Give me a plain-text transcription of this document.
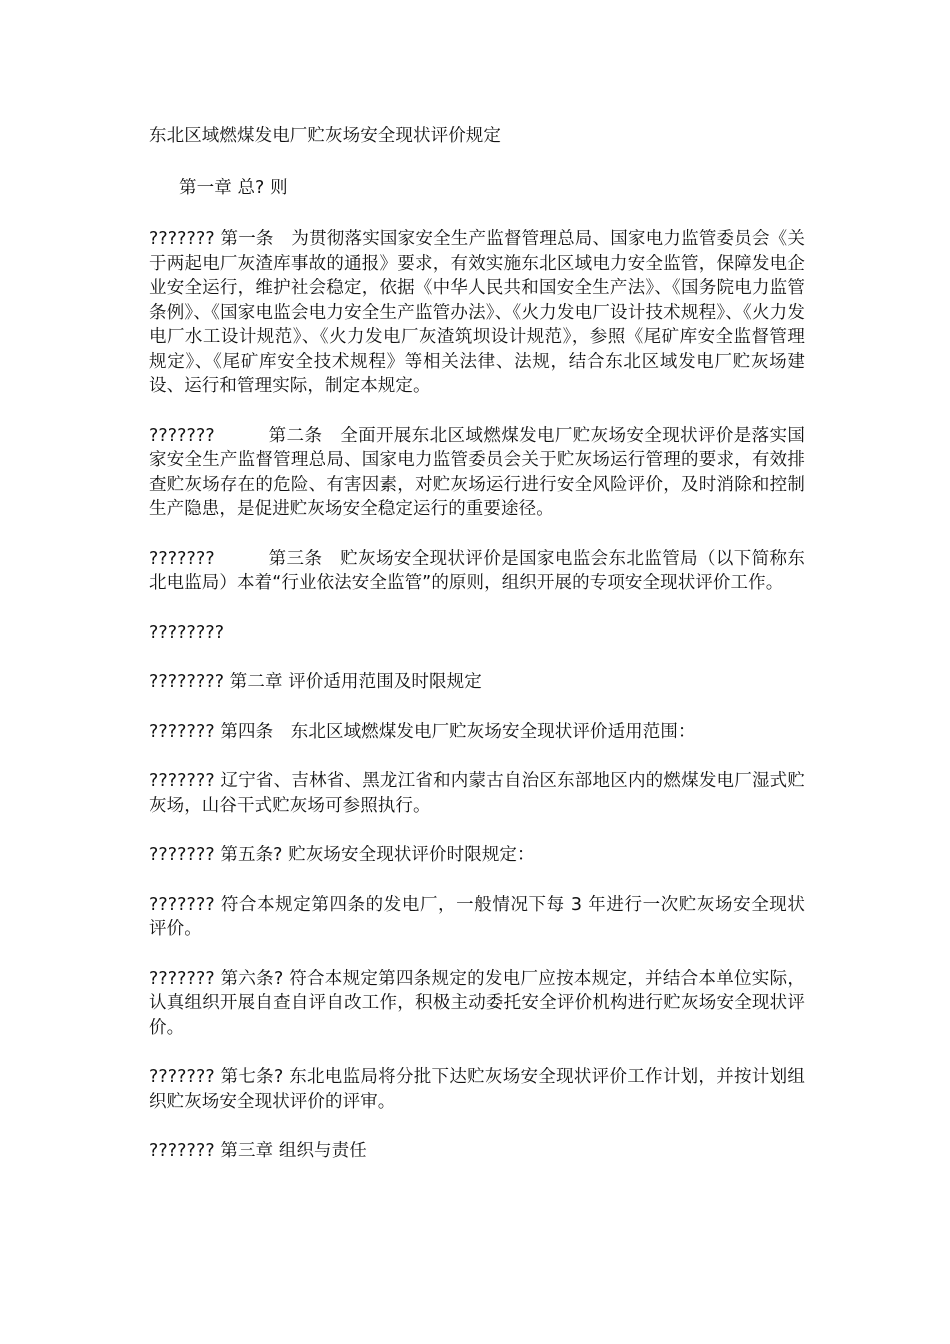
东北区域燃煤发电厂贮灰场安全现状评价规定
第一章 总? 则
??????? 第一条　为贯彻落实国家安全生产监督管理总局、国家电力监管委员会《关于两起电厂灰渣库事故的通报》要求，有效实施东北区域电力安全监管，保障发电企业安全运行，维护社会稳定，依据《中华人民共和国安全生产法》、《国务院电力监管条例》、《国家电监会电力安全生产监管办法》、《火力发电厂设计技术规程》、《火力发电厂水工设计规范》、《火力发电厂灰渣筑坝设计规范》，参照《尾矿库安全监督管理规定》、《尾矿库安全技术规程》等相关法律、法规，结合东北区域发电厂贮灰场建设、运行和管理实际，制定本规定。
???????　　　第二条　全面开展东北区域燃煤发电厂贮灰场安全现状评价是落实国家安全生产监督管理总局、国家电力监管委员会关于贮灰场运行管理的要求，有效排查贮灰场存在的危险、有害因素，对贮灰场运行进行安全风险评价，及时消除和控制生产隐患，是促进贮灰场安全稳定运行的重要途径。
???????　　　第三条　贮灰场安全现状评价是国家电监会东北监管局（以下简称东北电监局）本着“行业依法安全监管”的原则，组织开展的专项安全现状评价工作。
????????
???????? 第二章 评价适用范围及时限规定
??????? 第四条　东北区域燃煤发电厂贮灰场安全现状评价适用范围：
??????? 辽宁省、吉林省、黑龙江省和内蒙古自治区东部地区内的燃煤发电厂湿式贮灰场，山谷干式贮灰场可参照执行。
??????? 第五条? 贮灰场安全现状评价时限规定：
??????? 符合本规定第四条的发电厂，一般情况下每 3 年进行一次贮灰场安全现状评价。
??????? 第六条? 符合本规定第四条规定的发电厂应按本规定，并结合本单位实际，认真组织开展自查自评自改工作，积极主动委托安全评价机构进行贮灰场安全现状评价。
??????? 第七条? 东北电监局将分批下达贮灰场安全现状评价工作计划，并按计划组织贮灰场安全现状评价的评审。
??????? 第三章 组织与责任
